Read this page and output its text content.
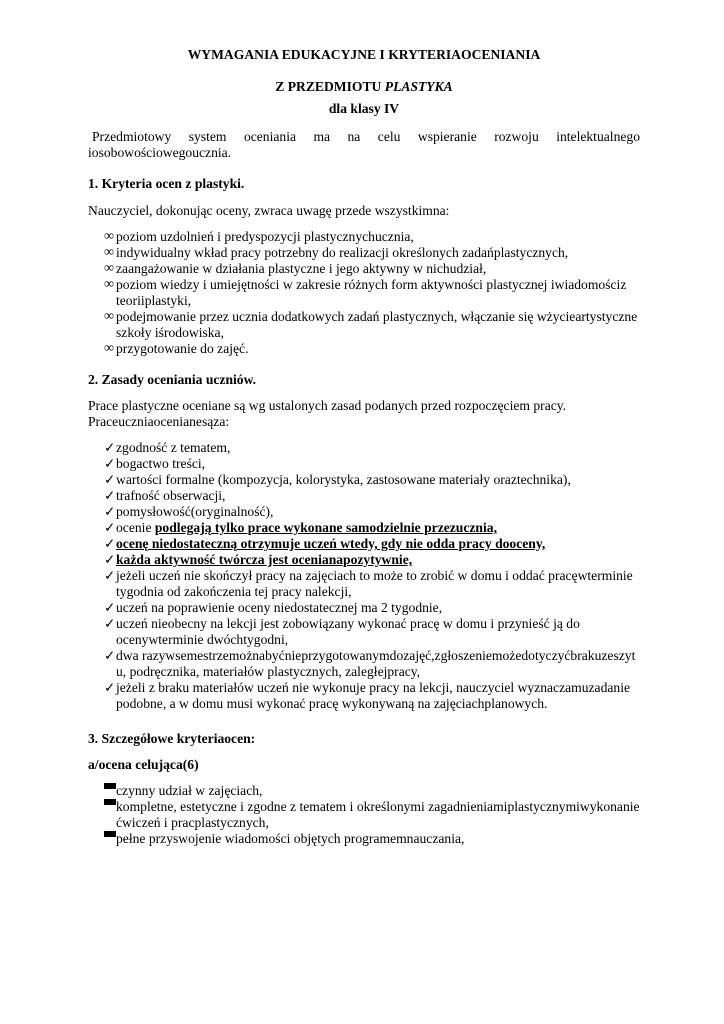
WYMAGANIA EDUKACYJNE I KRYTERIAOCENIANIA
Z PRZEDMIOTU PLASTYKA
dla klasy IV
Przedmiotowy system oceniania ma na celu wspieranie rozwoju intelektualnego
iosobowościowegoucznia.
1. Kryteria ocen z plastyki.
Nauczyciel, dokonując oceny, zwraca uwagę przede wszystkimna:
∞ poziom uzdolnień i predyspozycji plastycznychucznia,
∞ indywidualny wkład pracy potrzebny do realizacji określonych zadańplastycznych,
∞ zaangażowanie w działania plastyczne i jego aktywny w nichudział,
∞ poziom wiedzy i umiejętności w zakresie różnych form aktywności plastycznej iwiadomościz teoriiplastyki,
∞ podejmowanie przez ucznia dodatkowych zadań plastycznych, włączanie się wżycieartystyczne szkoły iśrodowiska,
∞ przygotowanie do zajęć.
2. Zasady oceniania uczniów.
Prace plastyczne oceniane są wg ustalonych zasad podanych przed rozpoczęciem pracy.
Praceuczniaocenianesąza:
✓ zgodność z tematem,
✓ bogactwo treści,
✓ wartości formalne (kompozycja, kolorystyka, zastosowane materiały oraztechnika),
✓ trafność obserwacji,
✓ pomysłowość(oryginalność),
✓ ocenie podlegają tylko prace wykonane samodzielnie przezucznia,
✓ ocenę niedostateczną otrzymuje uczeń wtedy, gdy nie odda pracy dooceny,
✓ każda aktywność twórcza jest ocenianapozytywnie,
✓ jeżeli uczeń nie skończył pracy na zajęciach to może to zrobić w domu i oddać pracęwterminie tygodnia od zakończenia tej pracy nalekcji,
✓ uczeń na poprawienie oceny niedostatecznej ma 2 tygodnie,
✓ uczeń nieobecny na lekcji jest zobowiązany wykonać pracę w domu i przynieść ją do ocenywterminie dwóchtygodni,
✓ dwa razywsemestrzemożnabyćnieprzygotowanymdozajęć,zgłoszeniemożedotyczyćbrakuzeszytu, podręcznika, materiałów plastycznych, zaległejpracy,
✓ jeżeli z braku materiałów uczeń nie wykonuje pracy na lekcji, nauczyciel wyznaczamuzadanie podobne, a w domu musi wykonać pracę wykonywaną na zajęciachplanowych.
3. Szczegółowe kryteriaocen:
a/ocena celująca(6)
czynny udział w zajęciach,
kompletne, estetyczne i zgodne z tematem i określonymi zagadnieniamiplastycznymiwykonanie ćwiczeń i pracplastycznych,
pełne przyswojenie wiadomości objętych programemnauczania,
